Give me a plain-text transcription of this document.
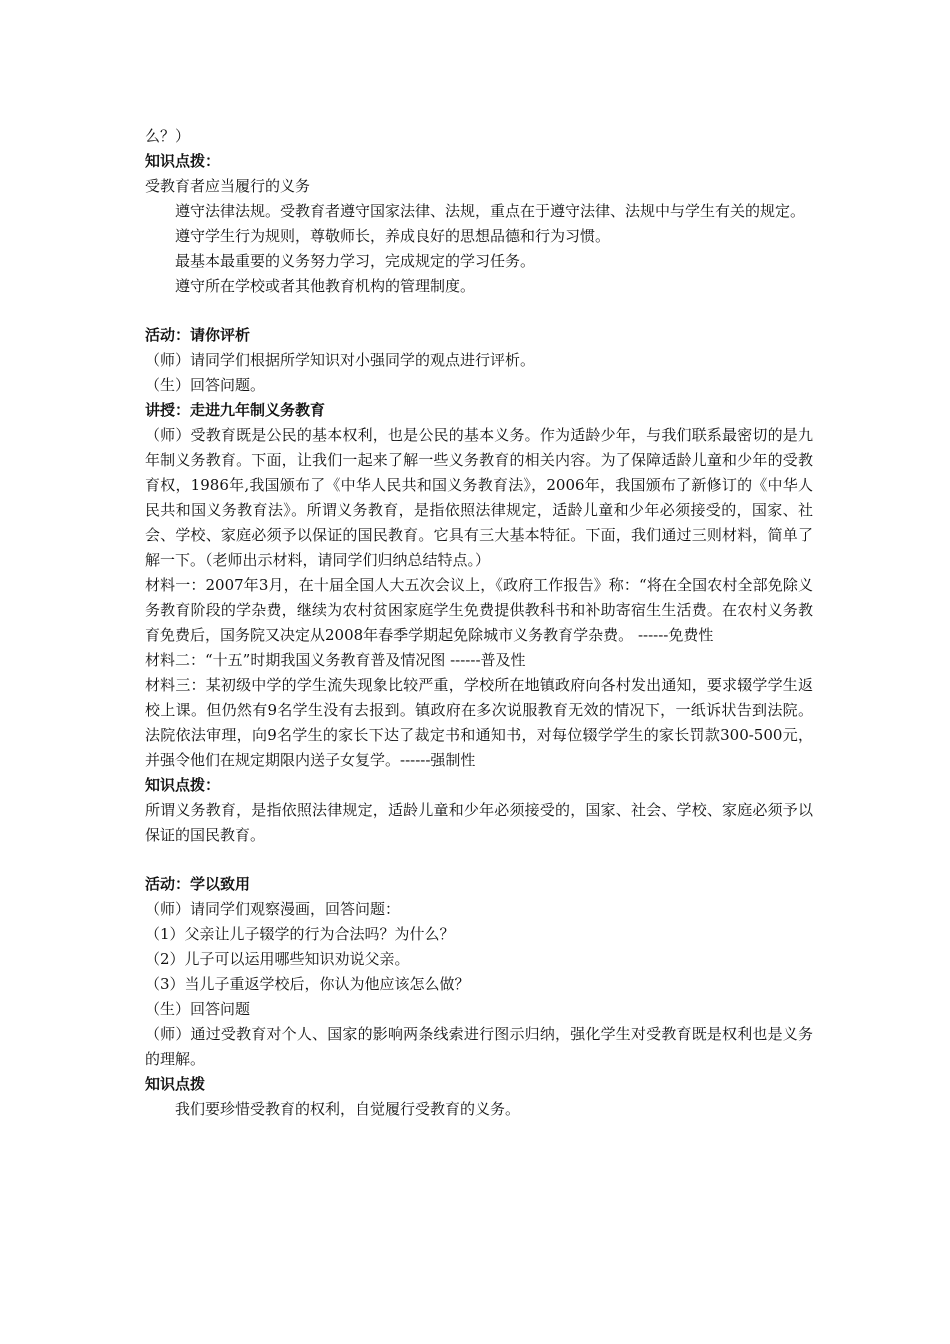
么？）
知识点拨：
受教育者应当履行的义务
遵守法律法规。受教育者遵守国家法律、法规，重点在于遵守法律、法规中与学生有关的规定。
遵守学生行为规则，尊敬师长，养成良好的思想品德和行为习惯。
最基本最重要的义务努力学习，完成规定的学习任务。
遵守所在学校或者其他教育机构的管理制度。
活动：请你评析
（师）请同学们根据所学知识对小强同学的观点进行评析。
（生）回答问题。
讲授：走进九年制义务教育
（师）受教育既是公民的基本权利，也是公民的基本义务。作为适龄少年，与我们联系最密切的是九年制义务教育。下面，让我们一起来了解一些义务教育的相关内容。为了保障适龄儿童和少年的受教育权，1986年,我国颁布了《中华人民共和国义务教育法》，2006年，我国颁布了新修订的《中华人民共和国义务教育法》。所谓义务教育，是指依照法律规定，适龄儿童和少年必须接受的，国家、社会、学校、家庭必须予以保证的国民教育。它具有三大基本特征。下面，我们通过三则材料，简单了解一下。（老师出示材料，请同学们归纳总结特点。）
材料一：2007年3月，在十届全国人大五次会议上，《政府工作报告》称：“将在全国农村全部免除义务教育阶段的学杂费，继续为农村贫困家庭学生免费提供教科书和补助寄宿生生活费。在农村义务教育免费后，国务院又决定从2008年春季学期起免除城市义务教育学杂费。 ------免费性
材料二：“十五”时期我国义务教育普及情况图 ------普及性
材料三：某初级中学的学生流失现象比较严重，学校所在地镇政府向各村发出通知，要求辍学学生返校上课。但仍然有9名学生没有去报到。镇政府在多次说服教育无效的情况下，一纸诉状告到法院。法院依法审理，向9名学生的家长下达了裁定书和通知书，对每位辍学学生的家长罚款300-500元，并强令他们在规定期限内送子女复学。------强制性
知识点拨：
所谓义务教育，是指依照法律规定，适龄儿童和少年必须接受的，国家、社会、学校、家庭必须予以保证的国民教育。
活动：学以致用
（师）请同学们观察漫画，回答问题：
（1）父亲让儿子辍学的行为合法吗？为什么？
（2）儿子可以运用哪些知识劝说父亲。
（3）当儿子重返学校后，你认为他应该怎么做？
（生）回答问题
（师）通过受教育对个人、国家的影响两条线索进行图示归纳，强化学生对受教育既是权利也是义务的理解。
知识点拨
我们要珍惜受教育的权利，自觉履行受教育的义务。
